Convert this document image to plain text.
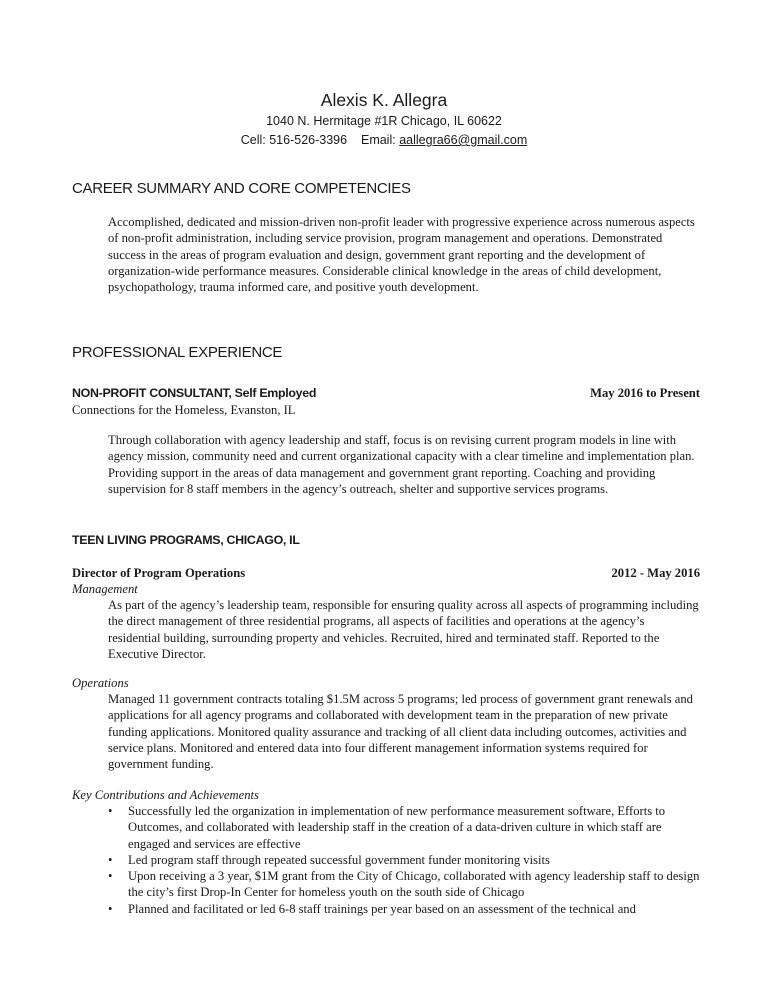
Alexis K. Allegra
1040 N. Hermitage #1R Chicago, IL 60622
Cell: 516-526-3396 Email: aallegra66@gmail.com
CAREER SUMMARY AND CORE COMPETENCIES

Accomplished, dedicated and mission-driven non-profit leader with progressive experience across numerous aspects of non-profit administration, including service provision, program management and operations. Demonstrated success in the areas of program evaluation and design, government grant reporting and the development of organization-wide performance measures. Considerable clinical knowledge in the areas of child development, psychopathology, trauma informed care, and positive youth development.

PROFESSIONAL EXPERIENCE
NON-PROFIT CONSULTANT, Self Employed	May 2016 to Present
Connections for the Homeless, Evanston, IL

Through collaboration with agency leadership and staff, focus is on revising current program models in line with agency mission, community need and current organizational capacity with a clear timeline and implementation plan. Providing support in the areas of data management and government grant reporting. Coaching and providing supervision for 8 staff members in the agency’s outreach, shelter and supportive services programs.

TEEN LIVING PROGRAMS, CHICAGO, IL
Director of Program Operations	2012 - May 2016
Management

As part of the agency’s leadership team, responsible for ensuring quality across all aspects of programming including the direct management of three residential programs, all aspects of facilities and operations at the agency’s residential building, surrounding property and vehicles. Recruited, hired and terminated staff. Reported to the Executive Director.

Operations

Managed 11 government contracts totaling $1.5M across 5 programs; led process of government grant renewals and applications for all agency programs and collaborated with development team in the preparation of new private funding applications. Monitored quality assurance and tracking of all client data including outcomes, activities and service plans. Monitored and entered data into four different management information systems required for government funding.

Key Contributions and Achievements
• Successfully led the organization in implementation of new performance measurement software, Efforts to Outcomes, and collaborated with leadership staff in the creation of a data-driven culture in which staff are engaged and services are effective
• Led program staff through repeated successful government funder monitoring visits
• Upon receiving a 3 year, $1M grant from the City of Chicago, collaborated with agency leadership staff to design the city’s first Drop-In Center for homeless youth on the south side of Chicago
• Planned and facilitated or led 6-8 staff trainings per year based on an assessment of the technical and
